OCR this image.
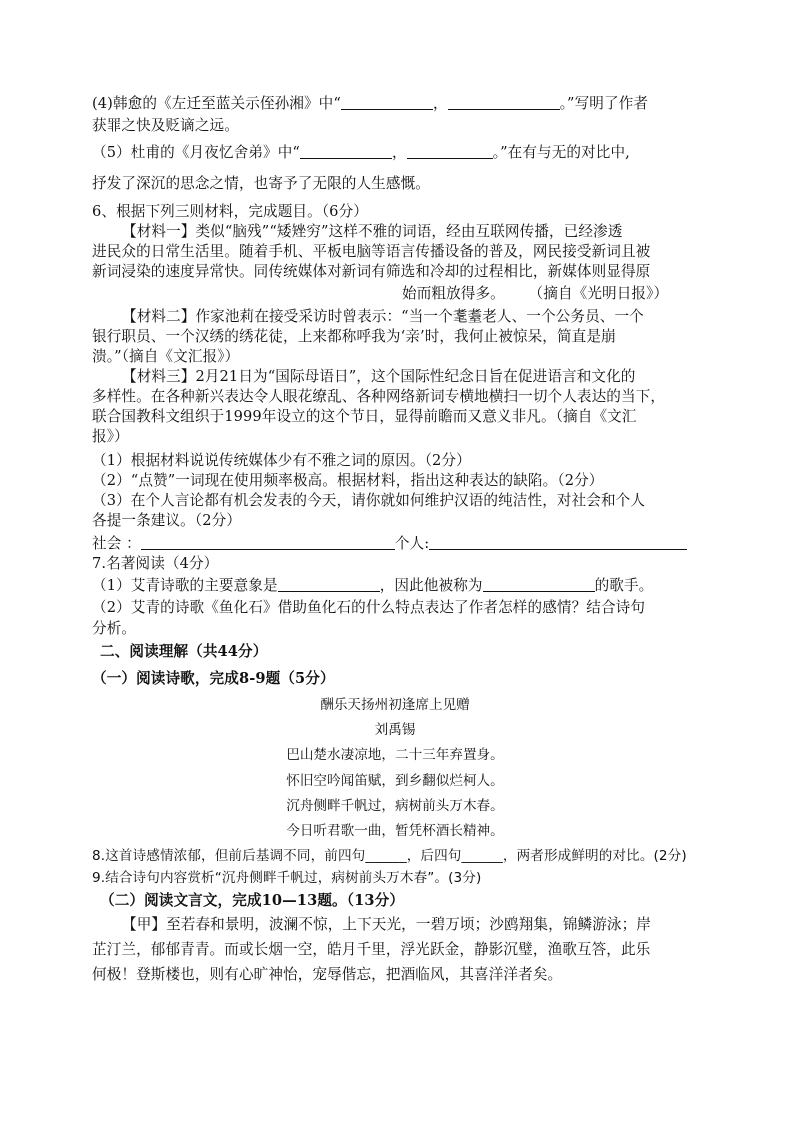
(4)韩愈的《左迁至蓝关示侄孙湘》中“	，	。”写明了作者
获罪之快及贬谪之远。
（5）杜甫的《月夜忆舍弟》中“	，	。”在有与无的对比中,
抒发了深沉的思念之情，也寄予了无限的人生感慨。
6、根据下列三则材料，完成题目。（6分）
【材料一】类似“脑残”“矮矬穷”这样不雅的词语，经由互联网传播，已经渗透
进民众的日常生活里。随着手机、平板电脑等语言传播设备的普及，网民接受新词且被
新词浸染的速度异常快。同传统媒体对新词有筛选和冷却的过程相比，新媒体则显得原
始而粗放得多。     （摘自《光明日报》）
【材料二】作家池莉在接受采访时曾表示：“当一个耄耋老人、一个公务员、一个
银行职员、一个汉绣的绣花徒，上来都称呼我为‘亲’时，我何止被惊呆，简直是崩
溃。”（摘自《文汇报》）
【材料三】2月21日为“国际母语日”，这个国际性纪念日旨在促进语言和文化的
多样性。在各种新兴表达令人眼花缭乱、各种网络新词专横地横扫一切个人表达的当下，
联合国教科文组织于1999年设立的这个节日，显得前瞻而又意义非凡。（摘自《文汇
报》）
（1）根据材料说说传统媒体少有不雅之词的原因。（2分）
（2）“点赞”一词现在使用频率极高。根据材料，指出这种表达的缺陷。（2分）
（3）在个人言论都有机会发表的今天，请你就如何维护汉语的纯洁性，对社会和个人
各提一条建议。（2分）
社会 ：	个人:
7.名著阅读（4分）
（1）艾青诗歌的主要意象是	，因此他被称为	的歌手。
（2）艾青的诗歌《鱼化石》借助鱼化石的什么特点表达了作者怎样的感情？结合诗句
分析。
二、阅读理解（共44分）
（一）阅读诗歌，完成8-9题（5分）
酬乐天扬州初逢席上见赠
刘禹锡
巴山楚水凄凉地，二十三年弃置身。
怀旧空吟闻笛赋，到乡翻似烂柯人。
沉舟侧畔千帆过，病树前头万木春。
今日听君歌一曲，暂凭杯酒长精神。
8.这首诗感情浓郁，但前后基调不同，前四句______，后四句______，两者形成鲜明的对比。(2分)
9.结合诗句内容赏析“沉舟侧畔千帆过，病树前头万木春”。(3分)
（二）阅读文言文，完成10—13题。（13分）
【甲】至若春和景明，波澜不惊，上下天光，一碧万顷；沙鸥翔集，锦鳞游泳；岸
芷汀兰，郁郁青青。而或长烟一空，皓月千里，浮光跃金，静影沉璧，渔歌互答，此乐
何极！登斯楼也，则有心旷神怡，宠辱偕忘，把酒临风，其喜洋洋者矣。
